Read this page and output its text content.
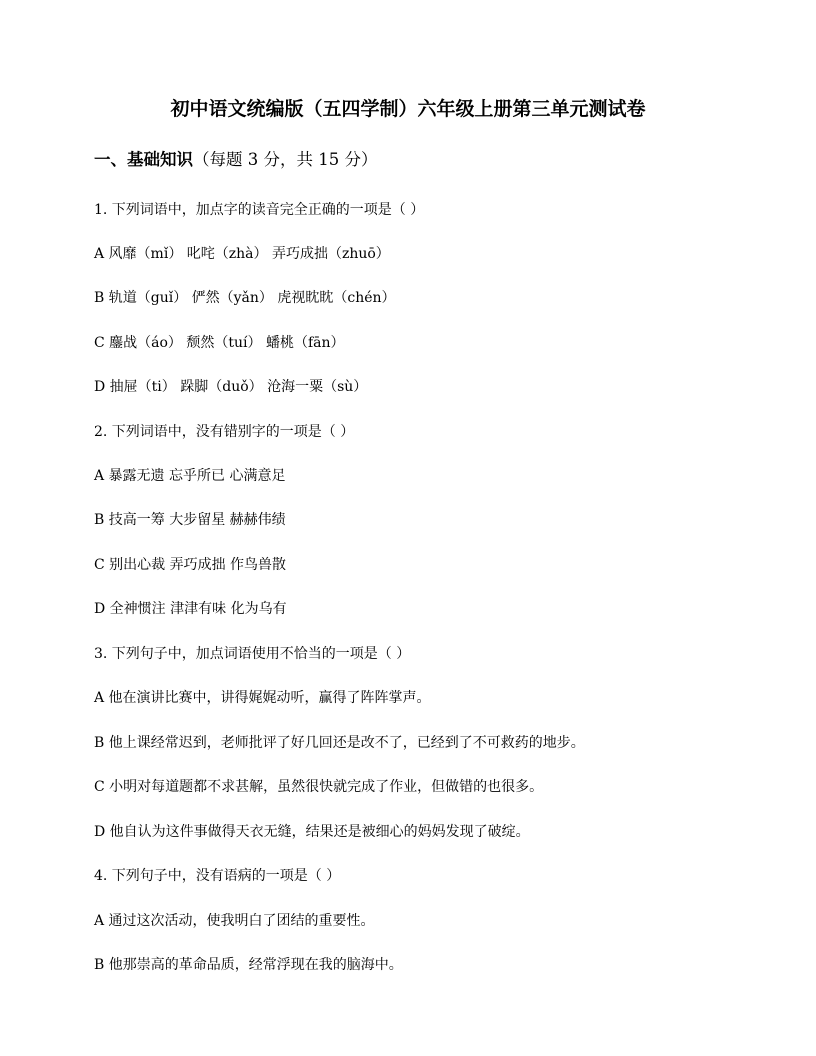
初中语文统编版（五四学制）六年级上册第三单元测试卷
一、基础知识（每题 3 分，共 15 分）
1. 下列词语中，加点字的读音完全正确的一项是（ ）
A 风靡（mǐ） 叱咤（zhà） 弄巧成拙（zhuō）
B 轨道（guǐ） 俨然（yǎn） 虎视眈眈（chén）
C 鏖战（áo） 颓然（tuí） 蟠桃（fān）
D 抽屉（ti） 跺脚（duǒ） 沧海一粟（sù）
2. 下列词语中，没有错别字的一项是（ ）
A 暴露无遗 忘乎所已 心满意足
B 技高一筹 大步留星 赫赫伟绩
C 别出心裁 弄巧成拙 作鸟兽散
D 全神惯注 津津有味 化为乌有
3. 下列句子中，加点词语使用不恰当的一项是（ ）
A 他在演讲比赛中，讲得娓娓动听，赢得了阵阵掌声。
B 他上课经常迟到，老师批评了好几回还是改不了，已经到了不可救药的地步。
C 小明对每道题都不求甚解，虽然很快就完成了作业，但做错的也很多。
D 他自认为这件事做得天衣无缝，结果还是被细心的妈妈发现了破绽。
4. 下列句子中，没有语病的一项是（ ）
A 通过这次活动，使我明白了团结的重要性。
B 他那崇高的革命品质，经常浮现在我的脑海中。
